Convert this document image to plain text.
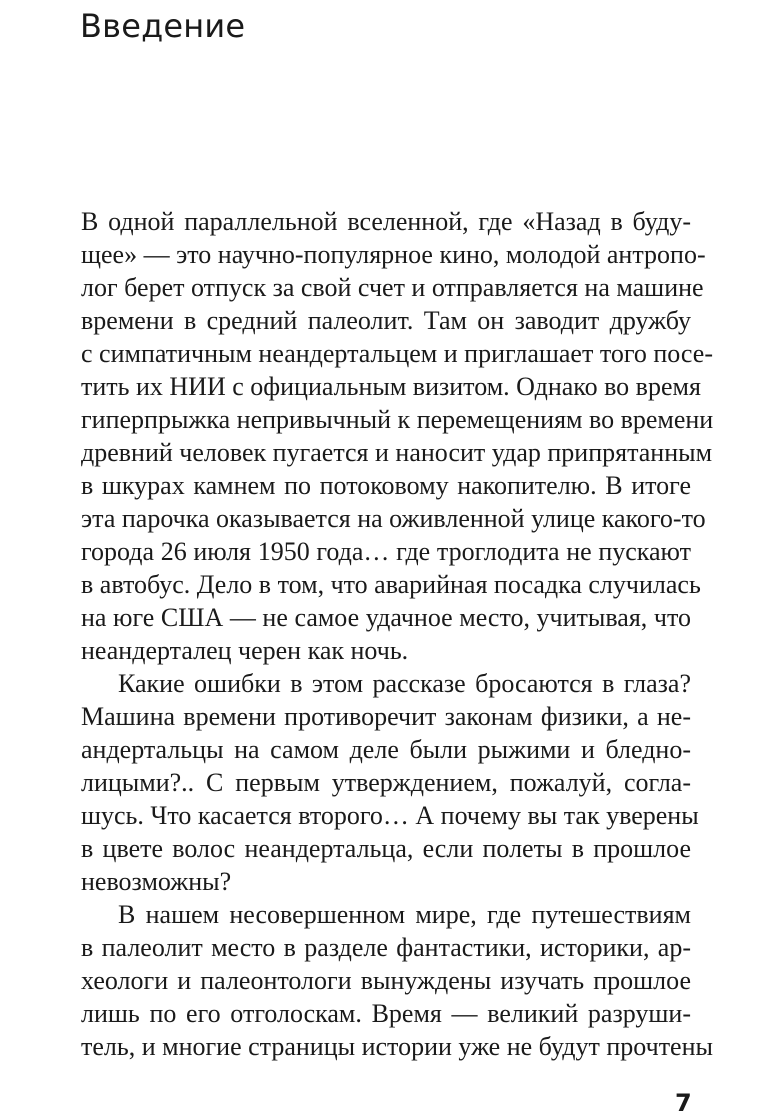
Введение

В одной параллельной вселенной, где «Назад в буду-
щее» — это научно-популярное кино, молодой антропо-
лог берет отпуск за свой счет и отправляется на машине
времени в средний палеолит. Там он заводит дружбу
с симпатичным неандертальцем и приглашает того посе-
тить их НИИ с официальным визитом. Однако во время
гиперпрыжка непривычный к перемещениям во времени
древний человек пугается и наносит удар припрятанным
в шкурах камнем по потоковому накопителю. В итоге
эта парочка оказывается на оживленной улице какого-то
города 26 июля 1950 года… где троглодита не пускают
в автобус. Дело в том, что аварийная посадка случилась
на юге США — не самое удачное место, учитывая, что
неандерталец черен как ночь.

Какие ошибки в этом рассказе бросаются в глаза?
Машина времени противоречит законам физики, а не-
андертальцы на самом деле были рыжими и бледно-
лицыми?.. С первым утверждением, пожалуй, согла-
шусь. Что касается второго… А почему вы так уверены
в цвете волос неандертальца, если полеты в прошлое
невозможны?

В нашем несовершенном мире, где путешествиям
в палеолит место в разделе фантастики, историки, ар-
хеологи и палеонтологи вынуждены изучать прошлое
лишь по его отголоскам. Время — великий разруши-
тель, и многие страницы истории уже не будут прочтены

7
